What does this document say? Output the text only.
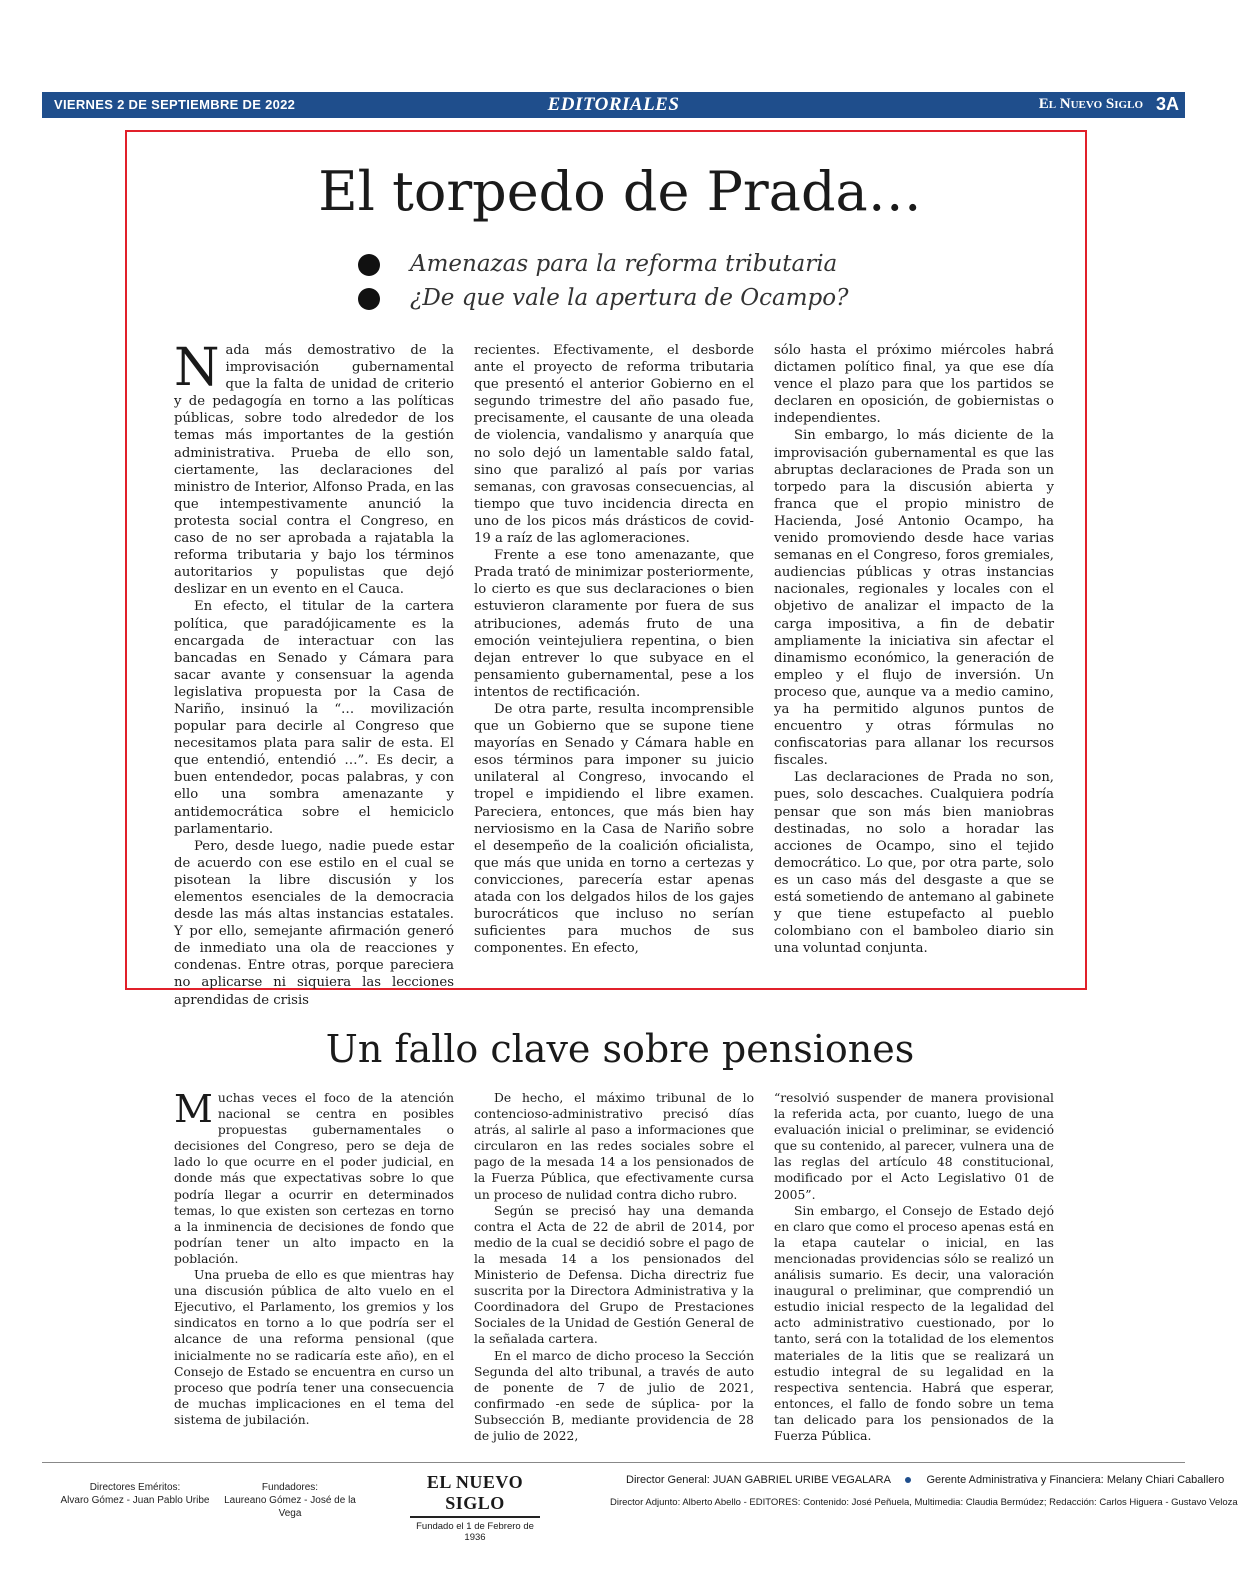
VIERNES 2 DE SEPTIEMBRE DE 2022	EDITORIALES	El Nuevo Siglo 3A
El torpedo de Prada…
Amenazas para la reforma tributaria
¿De que vale la apertura de Ocampo?

Nada más demostrativo de la improvisación gubernamental que la falta de unidad de criterio y de pedagogía en torno a las políticas públicas, sobre todo alrededor de los temas más importantes de la gestión administrativa. Prueba de ello son, ciertamente, las declaraciones del ministro de Interior, Alfonso Prada, en las que intempestivamente anunció la protesta social contra el Congreso, en caso de no ser aprobada a rajatabla la reforma tributaria y bajo los términos autoritarios y populistas que dejó deslizar en un evento en el Cauca.

En efecto, el titular de la cartera política, que paradójicamente es la encargada de interactuar con las bancadas en Senado y Cámara para sacar avante y consensuar la agenda legislativa propuesta por la Casa de Nariño, insinuó la “… movilización popular para decirle al Congreso que necesitamos plata para salir de esta. El que entendió, entendió …”. Es decir, a buen entendedor, pocas palabras, y con ello una sombra amenazante y antidemocrática sobre el hemiciclo parlamentario.

Pero, desde luego, nadie puede estar de acuerdo con ese estilo en el cual se pisotean la libre discusión y los elementos esenciales de la democracia desde las más altas instancias estatales. Y por ello, semejante afirmación generó de inmediato una ola de reacciones y condenas. Entre otras, porque pareciera no aplicarse ni siquiera las lecciones aprendidas de crisis

recientes. Efectivamente, el desborde ante el proyecto de reforma tributaria que presentó el anterior Gobierno en el segundo trimestre del año pasado fue, precisamente, el causante de una oleada de violencia, vandalismo y anarquía que no solo dejó un lamentable saldo fatal, sino que paralizó al país por varias semanas, con gravosas consecuencias, al tiempo que tuvo incidencia directa en uno de los picos más drásticos de covid-19 a raíz de las aglomeraciones.

Frente a ese tono amenazante, que Prada trató de minimizar posteriormente, lo cierto es que sus declaraciones o bien estuvieron claramente por fuera de sus atribuciones, además fruto de una emoción veintejuliera repentina, o bien dejan entrever lo que subyace en el pensamiento gubernamental, pese a los intentos de rectificación.

De otra parte, resulta incomprensible que un Gobierno que se supone tiene mayorías en Senado y Cámara hable en esos términos para imponer su juicio unilateral al Congreso, invocando el tropel e impidiendo el libre examen. Pareciera, entonces, que más bien hay nerviosismo en la Casa de Nariño sobre el desempeño de la coalición oficialista, que más que unida en torno a certezas y convicciones, parecería estar apenas atada con los delgados hilos de los gajes burocráticos que incluso no serían suficientes para muchos de sus componentes. En efecto,

sólo hasta el próximo miércoles habrá dictamen político final, ya que ese día vence el plazo para que los partidos se declaren en oposición, de gobiernistas o independientes.

Sin embargo, lo más diciente de la improvisación gubernamental es que las abruptas declaraciones de Prada son un torpedo para la discusión abierta y franca que el propio ministro de Hacienda, José Antonio Ocampo, ha venido promoviendo desde hace varias semanas en el Congreso, foros gremiales, audiencias públicas y otras instancias nacionales, regionales y locales con el objetivo de analizar el impacto de la carga impositiva, a fin de debatir ampliamente la iniciativa sin afectar el dinamismo económico, la generación de empleo y el flujo de inversión. Un proceso que, aunque va a medio camino, ya ha permitido algunos puntos de encuentro y otras fórmulas no confiscatorias para allanar los recursos fiscales.

Las declaraciones de Prada no son, pues, solo descaches. Cualquiera podría pensar que son más bien maniobras destinadas, no solo a horadar las acciones de Ocampo, sino el tejido democrático. Lo que, por otra parte, solo es un caso más del desgaste a que se está sometiendo de antemano al gabinete y que tiene estupefacto al pueblo colombiano con el bamboleo diario sin una voluntad conjunta.

Un fallo clave sobre pensiones

Muchas veces el foco de la atención nacional se centra en posibles propuestas gubernamentales o decisiones del Congreso, pero se deja de lado lo que ocurre en el poder judicial, en donde más que expectativas sobre lo que podría llegar a ocurrir en determinados temas, lo que existen son certezas en torno a la inminencia de decisiones de fondo que podrían tener un alto impacto en la población.

Una prueba de ello es que mientras hay una discusión pública de alto vuelo en el Ejecutivo, el Parlamento, los gremios y los sindicatos en torno a lo que podría ser el alcance de una reforma pensional (que inicialmente no se radicaría este año), en el Consejo de Estado se encuentra en curso un proceso que podría tener una consecuencia de muchas implicaciones en el tema del sistema de jubilación.

De hecho, el máximo tribunal de lo contencioso-administrativo precisó días atrás, al salirle al paso a informaciones que circularon en las redes sociales sobre el pago de la mesada 14 a los pensionados de la Fuerza Pública, que efectivamente cursa un proceso de nulidad contra dicho rubro.

Según se precisó hay una demanda contra el Acta de 22 de abril de 2014, por medio de la cual se decidió sobre el pago de la mesada 14 a los pensionados del Ministerio de Defensa. Dicha directriz fue suscrita por la Directora Administrativa y la Coordinadora del Grupo de Prestaciones Sociales de la Unidad de Gestión General de la señalada cartera.

En el marco de dicho proceso la Sección Segunda del alto tribunal, a través de auto de ponente de 7 de julio de 2021, confirmado -en sede de súplica- por la Subsección B, mediante providencia de 28 de julio de 2022,

“resolvió suspender de manera provisional la referida acta, por cuanto, luego de una evaluación inicial o preliminar, se evidenció que su contenido, al parecer, vulnera una de las reglas del artículo 48 constitucional, modificado por el Acto Legislativo 01 de 2005”.

Sin embargo, el Consejo de Estado dejó en claro que como el proceso apenas está en la etapa cautelar o inicial, en las mencionadas providencias sólo se realizó un análisis sumario. Es decir, una valoración inaugural o preliminar, que comprendió un estudio inicial respecto de la legalidad del acto administrativo cuestionado, por lo tanto, será con la totalidad de los elementos materiales de la litis que se realizará un estudio integral de su legalidad en la respectiva sentencia. Habrá que esperar, entonces, el fallo de fondo sobre un tema tan delicado para los pensionados de la Fuerza Pública.

Directores Eméritos:
Alvaro Gómez - Juan Pablo Uribe
Fundadores:
Laureano Gómez - José de la Vega
EL NUEVO SIGLO
Fundado el 1 de Febrero de 1936
Director General: JUAN GABRIEL URIBE VEGALARA	Gerente Administrativa y Financiera: Melany Chiari Caballero
Director Adjunto: Alberto Abello - EDITORES: Contenido: José Peñuela, Multimedia: Claudia Bermúdez; Redacción: Carlos Higuera - Gustavo Veloza
